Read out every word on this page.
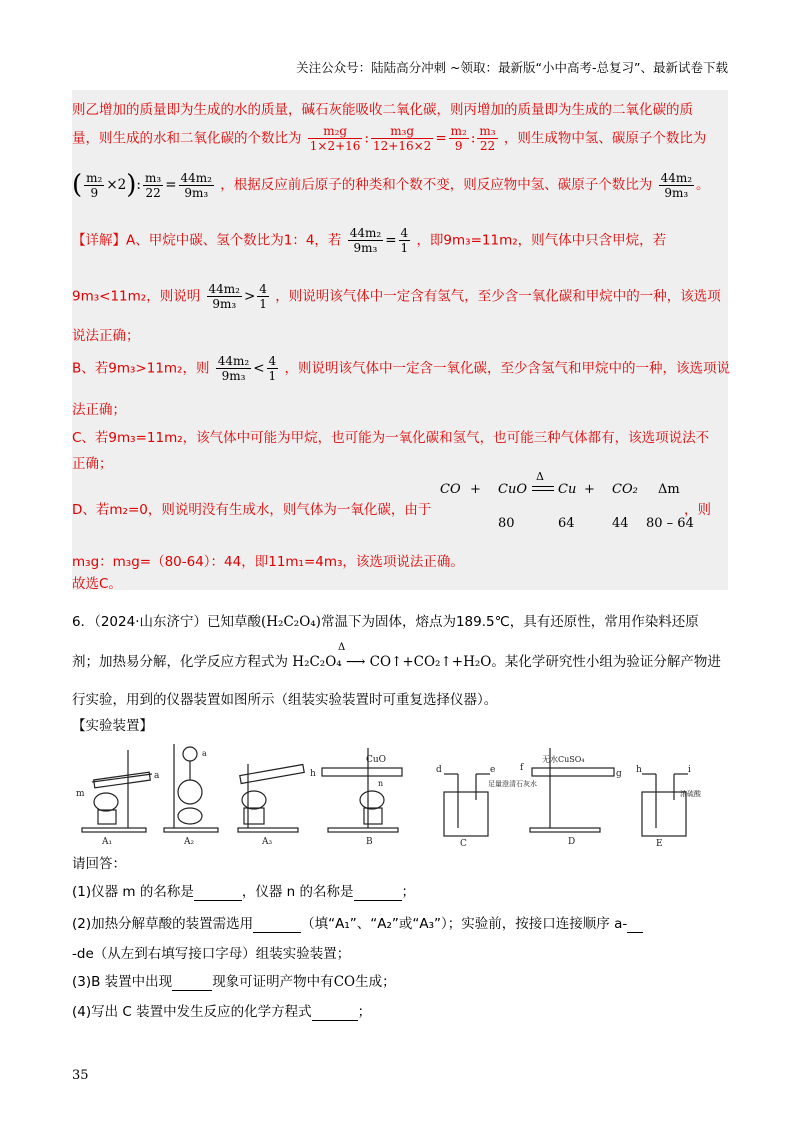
关注公众号：陆陆高分冲刺 ~领取：最新版“小中高考-总复习”、最新试卷下载
则乙增加的质量即为生成的水的质量，碱石灰能吸收二氧化碳，则丙增加的质量即为生成的二氧化碳的质
量，则生成的水和二氧化碳的个数比为 $\frac{\text{m₂g}}{1\times 2+16}$ : $\frac{\text{m₃g}}{12+16\times 2} = \frac{\text{m₂}}{9}$ : $\frac{\text{m₃}}{22}$ ，则生成物中氢、碳原子个数比为
( $\frac{\text{m₂}}{9} \times 2$): $\frac{\text{m₃}}{22} = \frac{\text{44m₂}}{\text{9m₃}}$ ，根据反应前后原子的种类和个数不变，则反应物中氢、碳原子个数比为 $\frac{\text{44m₂}}{\text{9m₃}}$ 。
【详解】A、甲烷中碳、氢个数比为1：4，若 $\frac{\text{44m₂}}{\text{9m₃}} = \frac{4}{1}$ ，即9m₃=11m₂，则气体中只含甲烷，若
9m₃<11m₂，则说明 $\frac{\text{44m₂}}{\text{9m₃}} > \frac{4}{1}$ ，则说明该气体中一定含有氢气，至少含一氧化碳和甲烷中的一种，该选项
说法正确；
B、若9m₃>11m₂，则 $\frac{\text{44m₂}}{\text{9m₃}} < \frac{4}{1}$ ，则说明该气体中一定含一氧化碳，至少含氢气和甲烷中的一种，该选项说
法正确；
C、若9m₃=11m₂，该气体中可能为甲烷，也可能为一氧化碳和氢气，也可能三种气体都有，该选项说法不
正确；
D、若m₂=0，则说明没有生成水，则气体为一氧化碳，由于	，则
CO + CuO
Δ
Cu + CO₂ Δm
80	64	44 80 – 64
m₃g：m₃g=（80-64）：44，即11m₁=4m₃，该选项说法正确。
故选C。
6．（2024·山东济宁）已知草酸(H₂C₂O₄)常温下为固体，熔点为189.5℃，具有还原性，常用作染料还原
剂；加热易分解，化学反应方程式为
Δ
H₂C₂O₄ ⟶ CO↑+CO₂↑+H₂O。某化学研究性小组为验证分解产物进
行实验，用到的仪器装置如图所示（组装实验装置时可重复选择仪器）。
【实验装置】
m
a
A₁
a
A₂	A₃
CuO
h
n
B
d	e
足量澄清石灰水
C
无水CuSO₄
f
g
D
h	i
浓硫酸
E
请回答：
(1)仪器 m 的名称是	，仪器 n 的名称是	；
(2)加热分解草酸的装置需选用	（填“A₁”、“A₂”或“A₃”）；实验前，按接口连接顺序 a-
-de（从左到右填写接口字母）组装实验装置；
(3)B 装置中出现	现象可证明产物中有CO生成；
(4)写出 C 装置中发生反应的化学方程式	；
35
